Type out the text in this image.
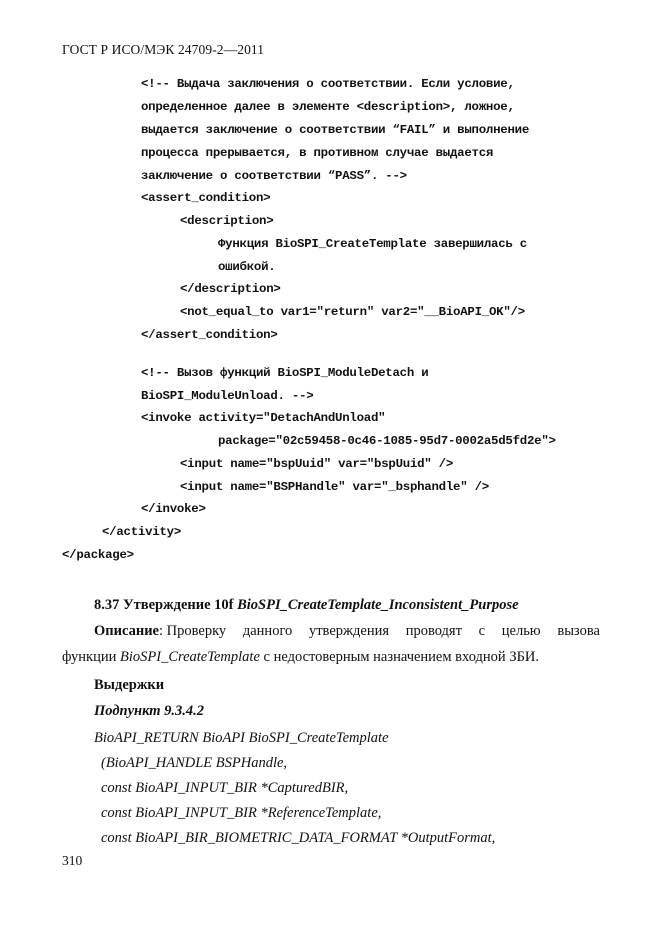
ГОСТ Р ИСО/МЭК 24709-2—2011
<!-- Выдача заключения о соответствии. Если условие,
определенное далее в элементе <description>, ложное,
выдается заключение о соответствии “FAIL” и выполнение
процесса прерывается, в противном случае выдается
заключение о соответствии “PASS”. -->
<assert_condition>
<description>
Функция BioSPI_CreateTemplate завершилась с
ошибкой.
</description>
<not_equal_to var1="return" var2="__BioAPI_OK"/>
</assert_condition>
<!-- Вызов функций BioSPI_ModuleDetach и
BioSPI_ModuleUnload. -->
<invoke activity="DetachAndUnload"
package="02c59458-0c46-1085-95d7-0002a5d5fd2e">
<input name="bspUuid" var="bspUuid" />
<input name="BSPHandle" var="_bsphandle" />
</invoke>
</activity>
</package>
8.37 Утверждение 10f BioSPI_CreateTemplate_Inconsistent_Purpose
Описание: Проверку данного утверждения проводят с целью вызова
функции BioSPI_CreateTemplate с недостоверным назначением входной ЗБИ.
Выдержки
Подпункт 9.3.4.2
BioAPI_RETURN BioAPI BioSPI_CreateTemplate
(BioAPI_HANDLE BSPHandle,
const BioAPI_INPUT_BIR *CapturedBIR,
const BioAPI_INPUT_BIR *ReferenceTemplate,
const BioAPI_BIR_BIOMETRIC_DATA_FORMAT *OutputFormat,
310
